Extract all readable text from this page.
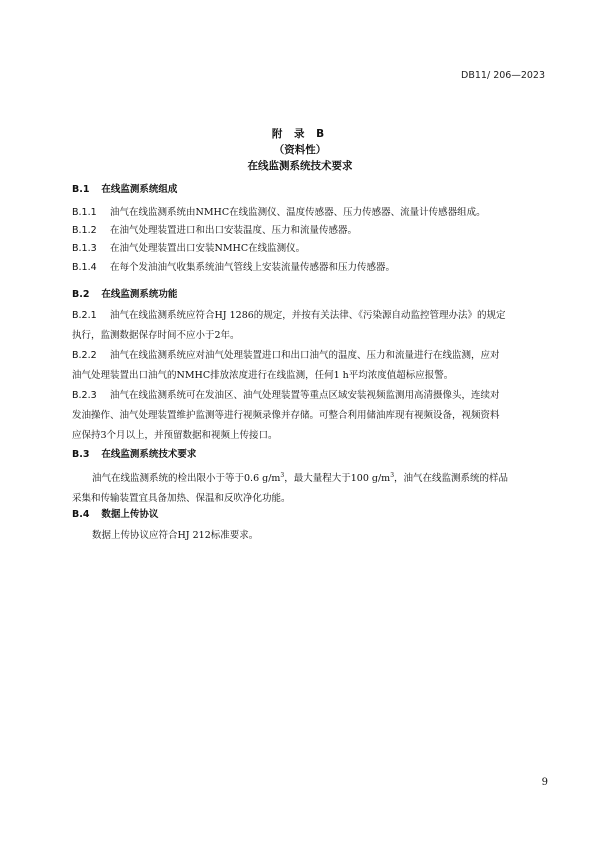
DB11/ 206—2023
附 录 B
（资料性）
在线监测系统技术要求
B.1 在线监测系统组成
B.1.1 油气在线监测系统由NMHC在线监测仪、温度传感器、压力传感器、流量计传感器组成。
B.1.2 在油气处理装置进口和出口安装温度、压力和流量传感器。
B.1.3 在油气处理装置出口安装NMHC在线监测仪。
B.1.4 在每个发油油气收集系统油气管线上安装流量传感器和压力传感器。
B.2 在线监测系统功能
B.2.1 油气在线监测系统应符合HJ 1286的规定，并按有关法律、《污染源自动监控管理办法》的规定
执行，监测数据保存时间不应小于2年。
B.2.2 油气在线监测系统应对油气处理装置进口和出口油气的温度、压力和流量进行在线监测，应对
油气处理装置出口油气的NMHC排放浓度进行在线监测，任何1 h平均浓度值超标应报警。
B.2.3 油气在线监测系统可在发油区、油气处理装置等重点区域安装视频监测用高清摄像头，连续对
发油操作、油气处理装置维护监测等进行视频录像并存储。可整合利用储油库现有视频设备，视频资料
应保持3个月以上，并预留数据和视频上传接口。
B.3 在线监测系统技术要求
油气在线监测系统的检出限小于等于0.6 $g/m^3$，最大量程大于100 $g/m^3$，油气在线监测系统的样品
采集和传输装置宜具备加热、保温和反吹净化功能。
B.4 数据上传协议
数据上传协议应符合HJ 212标准要求。
9
